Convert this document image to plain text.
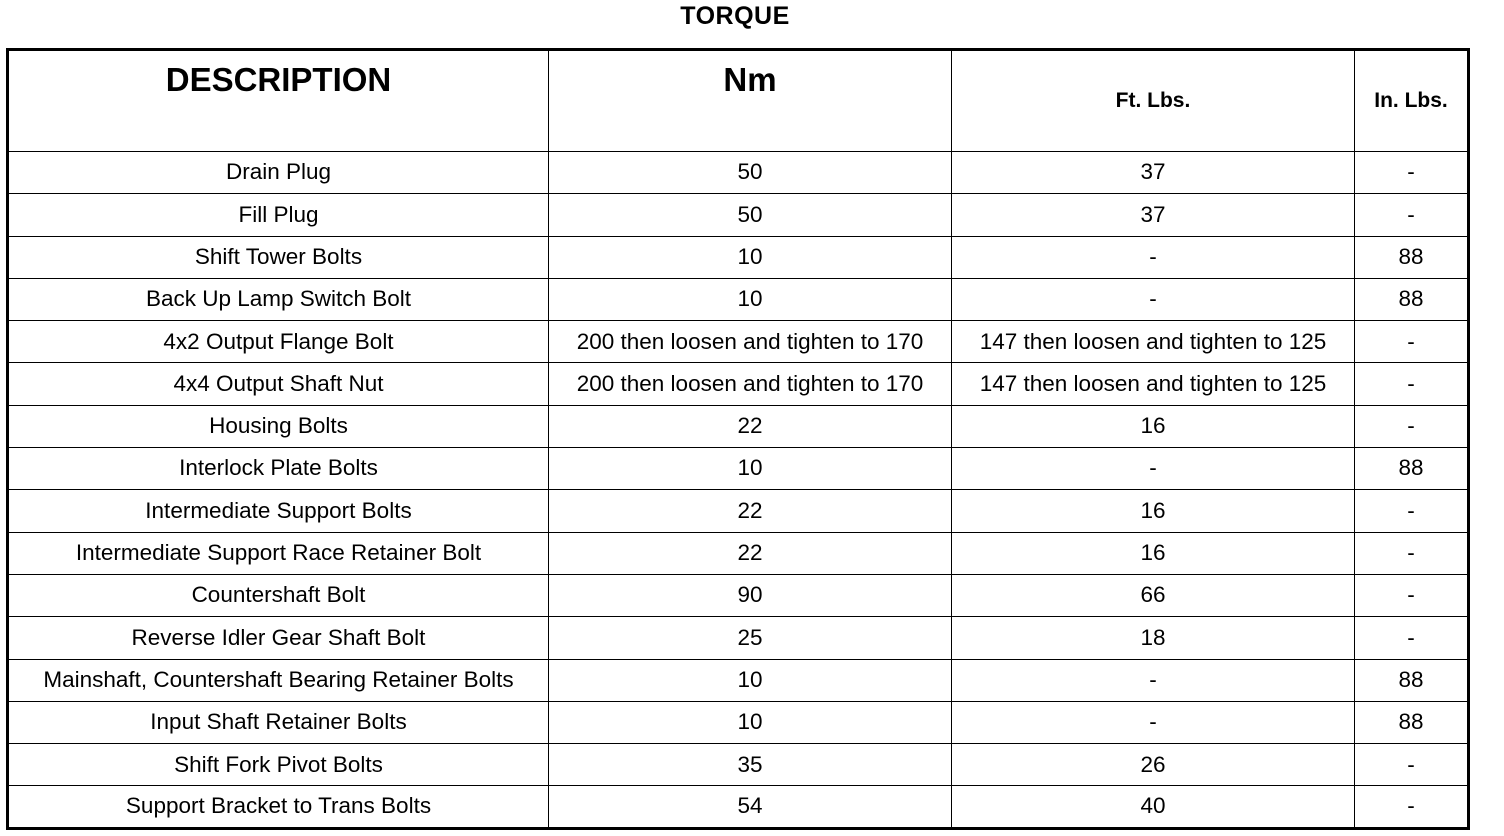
TORQUE
DESCRIPTION	Nm	Ft. Lbs.	In. Lbs.
Drain Plug	50	37	-
Fill Plug	50	37	-
Shift Tower Bolts	10	-	88
Back Up Lamp Switch Bolt	10	-	88
4x2 Output Flange Bolt	200 then loosen and tighten to 170	147 then loosen and tighten to 125	-
4x4 Output Shaft Nut	200 then loosen and tighten to 170	147 then loosen and tighten to 125	-
Housing Bolts	22	16	-
Interlock Plate Bolts	10	-	88
Intermediate Support Bolts	22	16	-
Intermediate Support Race Retainer Bolt	22	16	-
Countershaft Bolt	90	66	-
Reverse Idler Gear Shaft Bolt	25	18	-
Mainshaft, Countershaft Bearing Retainer Bolts	10	-	88
Input Shaft Retainer Bolts	10	-	88
Shift Fork Pivot Bolts	35	26	-
Support Bracket to Trans Bolts	54	40	-
